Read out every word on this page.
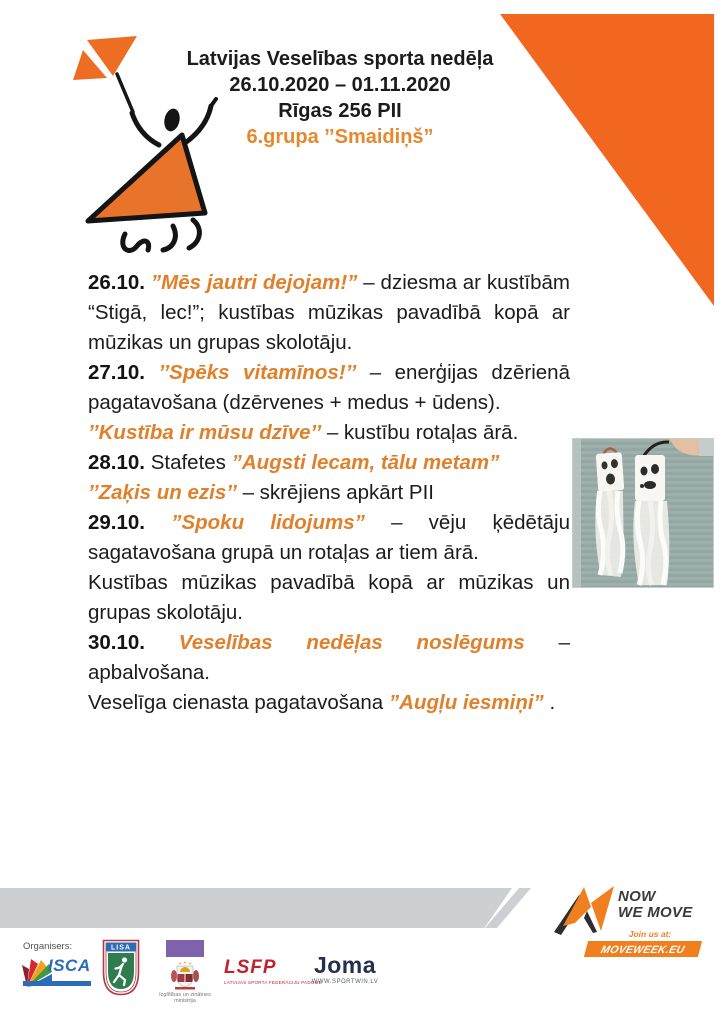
Latvijas Veselības sporta nedēļa
26.10.2020 – 01.11.2020
Rīgas 256 PII
6.grupa ’’Smaidiņš”

26.10. ”Mēs jautri dejojam!” – dziesma ar kustībām “Stigā, lec!”; kustības mūzikas pavadībā kopā ar mūzikas un grupas skolotāju.

27.10. ’’Spēks vitamīnos!’’ – enerģijas dzērienā pagatavošana (dzērvenes + medus + ūdens).

’’Kustība ir mūsu dzīve’’ – kustību rotaļas ārā.

28.10. Stafetes ”Augsti lecam, tālu metam”
’’Zaķis un ezis’’ – skrējiens apkārt PII

29.10. ”Spoku lidojums” – vēju ķēdētāju sagatavošana grupā un rotaļas ar tiem ārā.

Kustības mūzikas pavadībā kopā ar mūzikas un grupas skolotāju.

30.10. Veselības nedēļas noslēgums – apbalvošana.

Veselīga cienasta pagatavošana ”Augļu iesmiņi” .

NOW
WE MOVE
Join us at:
MOVEWEEK.EU
Organisers:
ISCA
LISA
Izglītības un zinātnes
ministrija
LSFP
LATVIJAS SPORTA FEDERĀCIJU PADOME
Joma
WWW.SPORTWIN.LV
